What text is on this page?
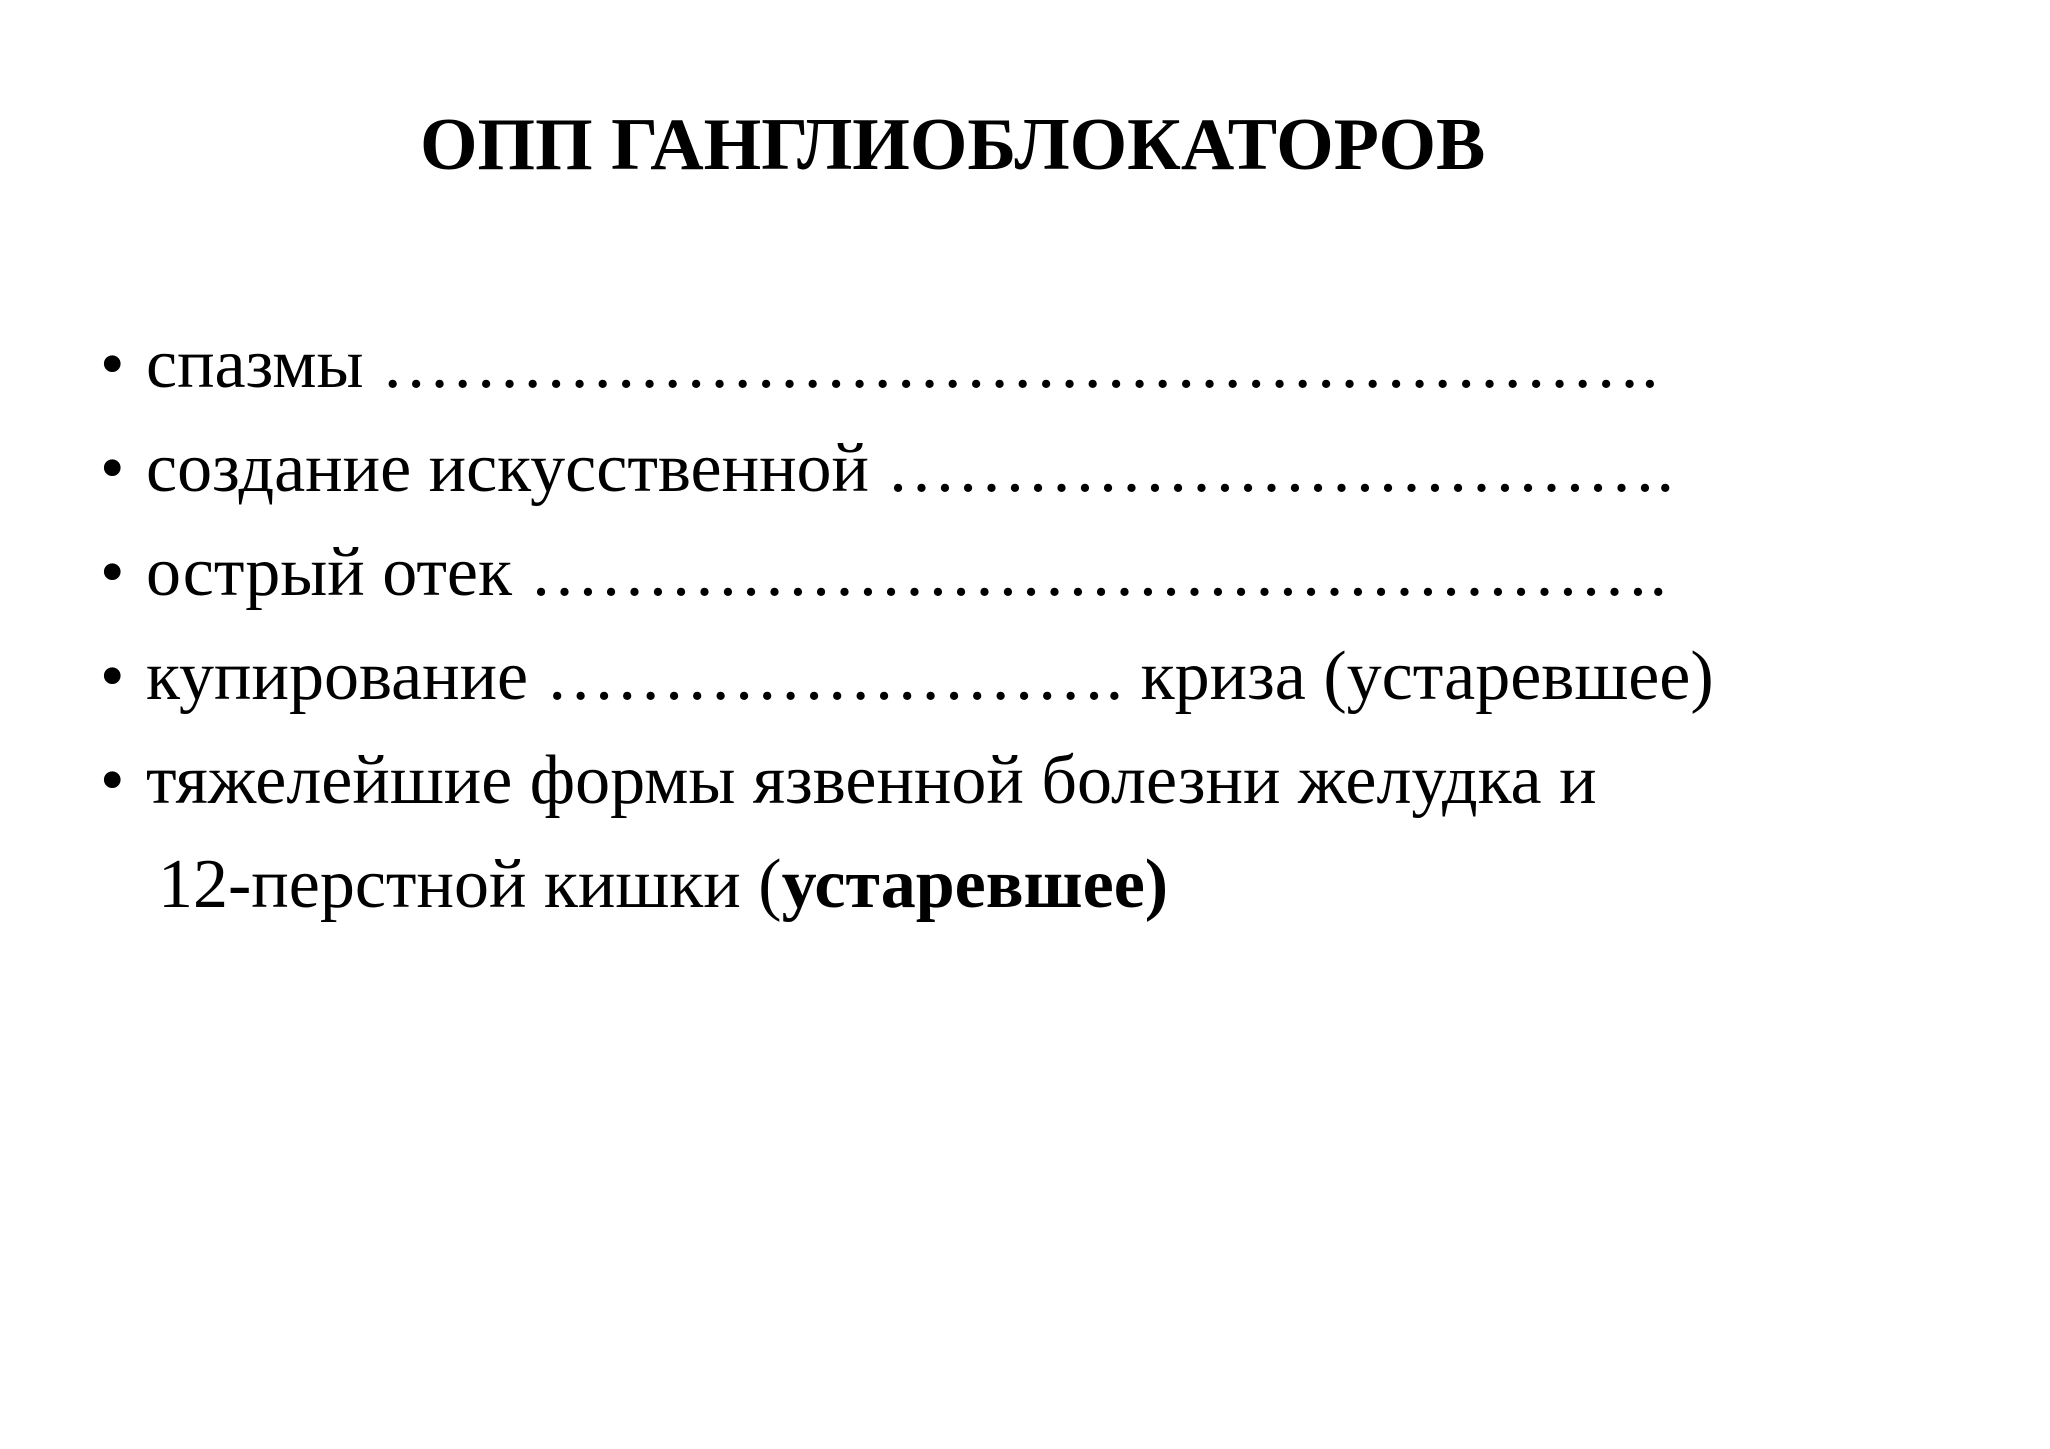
ОПП ГАНГЛИОБЛОКАТОРОВ
• спазмы ……………………………………………….
• создание искусственной …………………………….
• острый отек ………………………………………….
• купирование ……………………. криза (устаревшее)
• тяжелейшие формы язвенной болезни желудка и
12-перстной кишки (устаревшее)
